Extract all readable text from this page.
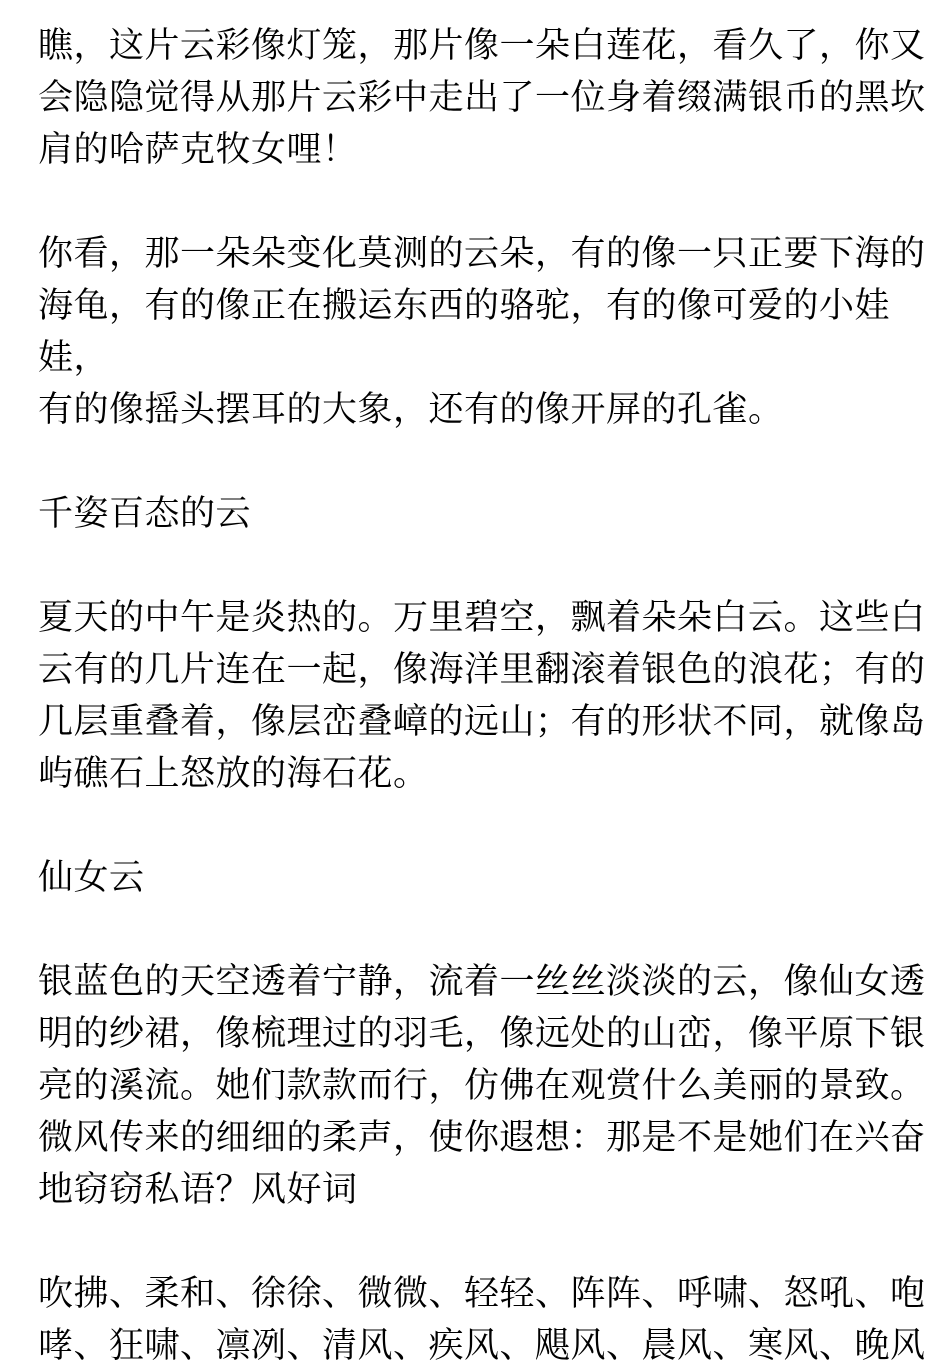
瞧，这片云彩像灯笼，那片像一朵白莲花，看久了，你又
会隐隐觉得从那片云彩中走出了一位身着缀满银币的黑坎
肩的哈萨克牧女哩！

你看，那一朵朵变化莫测的云朵，有的像一只正要下海的
海龟，有的像正在搬运东西的骆驼，有的像可爱的小娃娃，
有的像摇头摆耳的大象，还有的像开屏的孔雀。

千姿百态的云

夏天的中午是炎热的。万里碧空，飘着朵朵白云。这些白
云有的几片连在一起，像海洋里翻滚着银色的浪花；有的
几层重叠着，像层峦叠嶂的远山；有的形状不同，就像岛
屿礁石上怒放的海石花。

仙女云

银蓝色的天空透着宁静，流着一丝丝淡淡的云，像仙女透
明的纱裙，像梳理过的羽毛，像远处的山峦，像平原下银
亮的溪流。她们款款而行，仿佛在观赏什么美丽的景致。
微风传来的细细的柔声，使你遐想：那是不是她们在兴奋
地窃窃私语？风好词

吹拂、柔和、徐徐、微微、轻轻、阵阵、呼啸、怒吼、咆
哮、狂啸、凛冽、清风、疾风、飓风、晨风、寒风、晚风
